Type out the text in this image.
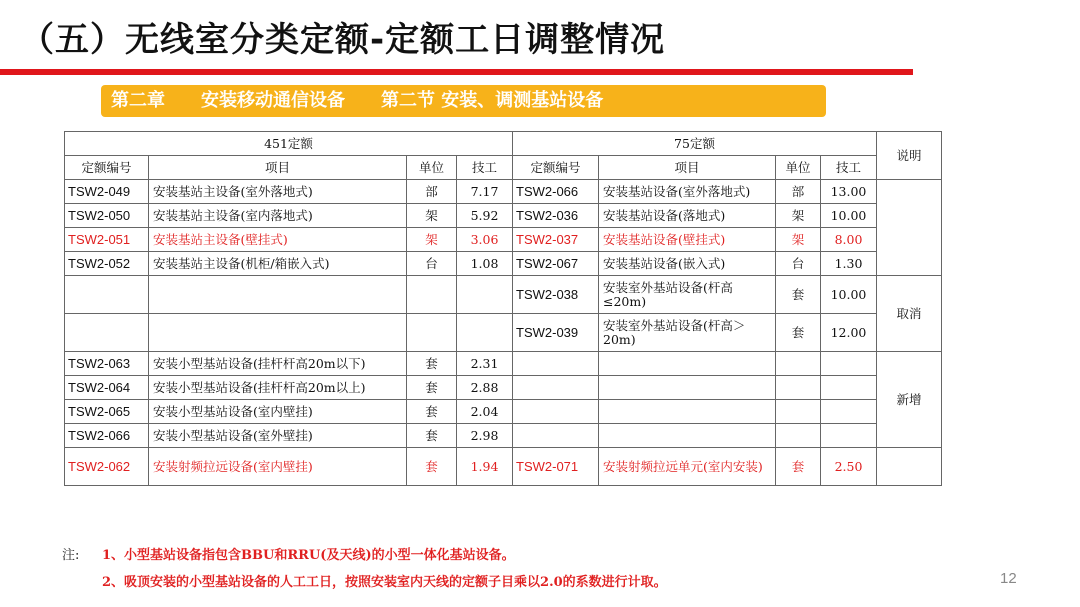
（五）无线室分类定额-定额工日调整情况
第二章　　安装移动通信设备　　第二节 安装、调测基站设备
451定额				75定额				说明
定额编号	项目	单位	技工	定额编号	项目	单位	技工	
TSW2-049	安装基站主设备(室外落地式)	部	7.17	TSW2-066	安装基站设备(室外落地式)	部	13.00	
TSW2-050	安装基站主设备(室内落地式)	架	5.92	TSW2-036	安装基站设备(落地式)	架	10.00	
TSW2-051	安装基站主设备(壁挂式)	架	3.06	TSW2-037	安装基站设备(壁挂式)	架	8.00	
TSW2-052	安装基站主设备(机柜/箱嵌入式)	台	1.08	TSW2-067	安装基站设备(嵌入式)	台	1.30	
				TSW2-038	安装室外基站设备(杆高≤20m)	套	10.00	取消
				TSW2-039	安装室外基站设备(杆高＞20m)	套	12.00	
TSW2-063	安装小型基站设备(挂杆杆高20m以下)	套	2.31					新增
TSW2-064	安装小型基站设备(挂杆杆高20m以上)	套	2.88					
TSW2-065	安装小型基站设备(室内壁挂)	套	2.04					
TSW2-066	安装小型基站设备(室外壁挂)	套	2.98					
TSW2-062	安装射频拉远设备(室内壁挂)	套	1.94	TSW2-071	安装射频拉远单元(室内安装)	套	2.50	
注: 1、小型基站设备指包含BBU和RRU(及天线)的小型一体化基站设备。
2、吸顶安装的小型基站设备的人工工日，按照安装室内天线的定额子目乘以2.0的系数进行计取。	12
